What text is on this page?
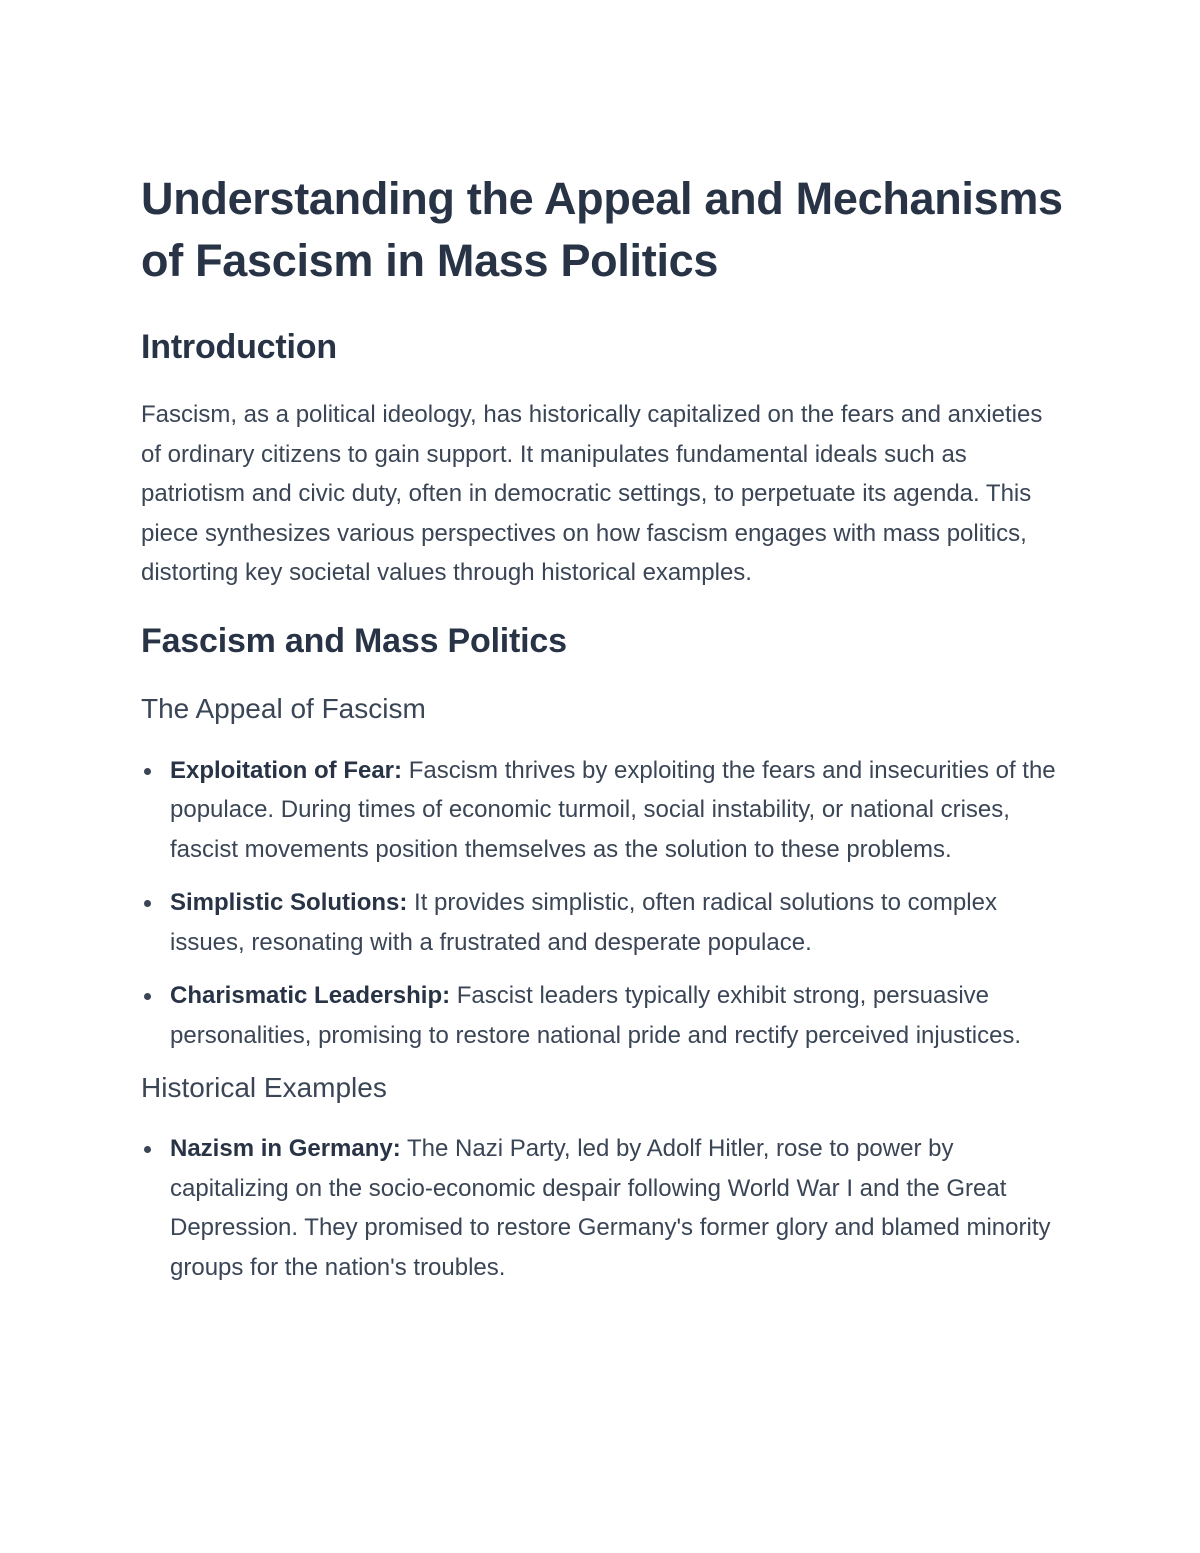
Understanding the Appeal and Mechanisms of Fascism in Mass Politics
Introduction

Fascism, as a political ideology, has historically capitalized on the fears and anxieties of ordinary citizens to gain support. It manipulates fundamental ideals such as patriotism and civic duty, often in democratic settings, to perpetuate its agenda. This piece synthesizes various perspectives on how fascism engages with mass politics, distorting key societal values through historical examples.

Fascism and Mass Politics
The Appeal of Fascism
Exploitation of Fear: Fascism thrives by exploiting the fears and insecurities of the populace. During times of economic turmoil, social instability, or national crises, fascist movements position themselves as the solution to these problems.
Simplistic Solutions: It provides simplistic, often radical solutions to complex issues, resonating with a frustrated and desperate populace.
Charismatic Leadership: Fascist leaders typically exhibit strong, persuasive personalities, promising to restore national pride and rectify perceived injustices.
Historical Examples
Nazism in Germany: The Nazi Party, led by Adolf Hitler, rose to power by capitalizing on the socio-economic despair following World War I and the Great Depression. They promised to restore Germany's former glory and blamed minority groups for the nation's troubles.
